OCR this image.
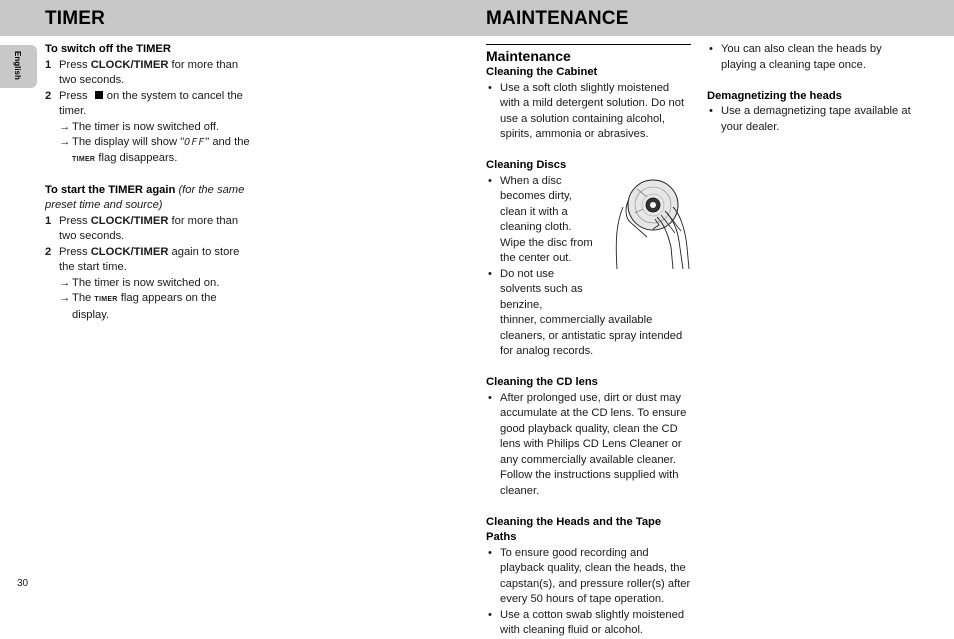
TIMER	MAINTENANCE
English
To switch off the TIMER
1 Press CLOCK/TIMER for more than two seconds.
2 Press on the system to cancel the timer.
→ The timer is now switched off.
→ The display will show "OFF" and the
TIMER flag disappears.
To start the TIMER again (for the same preset time and source)
1 Press CLOCK/TIMER for more than two seconds.
2 Press CLOCK/TIMER again to store the start time.
→ The timer is now switched on.
→ The TIMER flag appears on the display.
Maintenance
Cleaning the Cabinet
• Use a soft cloth slightly moistened with a mild detergent solution. Do not use a solution containing alcohol, spirits, ammonia or abrasives.
Cleaning Discs
• When a disc becomes dirty, clean it with a cleaning cloth. Wipe the disc from the center out.
• Do not use solvents such as benzine,
thinner, commercially available cleaners, or antistatic spray intended for analog records.
Cleaning the CD lens
• After prolonged use, dirt or dust may accumulate at the CD lens. To ensure good playback quality, clean the CD lens with Philips CD Lens Cleaner or any commercially available cleaner. Follow the instructions supplied with cleaner.
Cleaning the Heads and the Tape Paths
• To ensure good recording and playback quality, clean the heads, the capstan(s), and pressure roller(s) after every 50 hours of tape operation.
• Use a cotton swab slightly moistened with cleaning fluid or alcohol.
• You can also clean the heads by playing a cleaning tape once.
Demagnetizing the heads
• Use a demagnetizing tape available at your dealer.
30
